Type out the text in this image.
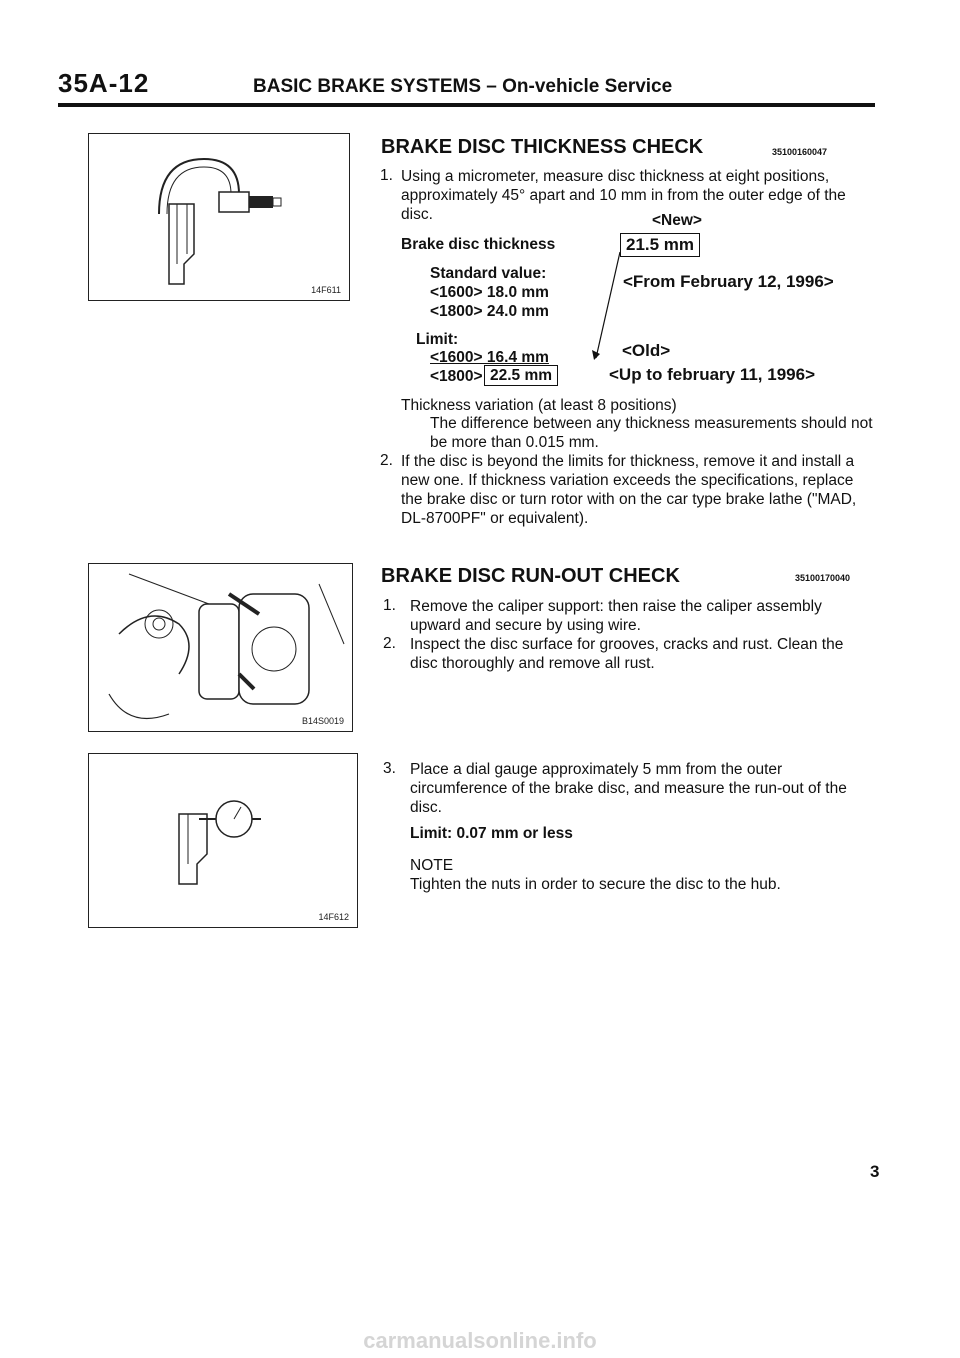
35A-12	BASIC BRAKE SYSTEMS – On-vehicle Service
14F611
B14S0019
14F612
BRAKE DISC THICKNESS CHECK	35100160047
1. Using a micrometer, measure disc thickness at eight positions, approximately 45° apart and 10 mm in from the outer edge of the disc.	<New>
Brake disc thickness	21.5 mm
Standard value:	<From February 12, 1996>
<1600> 18.0 mm
<1800> 24.0 mm
Limit:
<1600> 16.4 mm	<Old>
<1800> 22.5 mm	<Up to february 11, 1996>
Thickness variation (at least 8 positions)
The difference between any thickness measurements should not be more than 0.015 mm.
2. If the disc is beyond the limits for thickness, remove it and install a new one. If thickness variation exceeds the specifications, replace the brake disc or turn rotor with on the car type brake lathe ("MAD, DL-8700PF" or equivalent).
BRAKE DISC RUN-OUT CHECK	35100170040
1. Remove the caliper support: then raise the caliper assembly upward and secure by using wire.
2. Inspect the disc surface for grooves, cracks and rust. Clean the disc thoroughly and remove all rust.
3. Place a dial gauge approximately 5 mm from the outer circumference of the brake disc, and measure the run-out of the disc.
Limit: 0.07 mm or less
NOTE
Tighten the nuts in order to secure the disc to the hub.
3
carmanualsonline.info
